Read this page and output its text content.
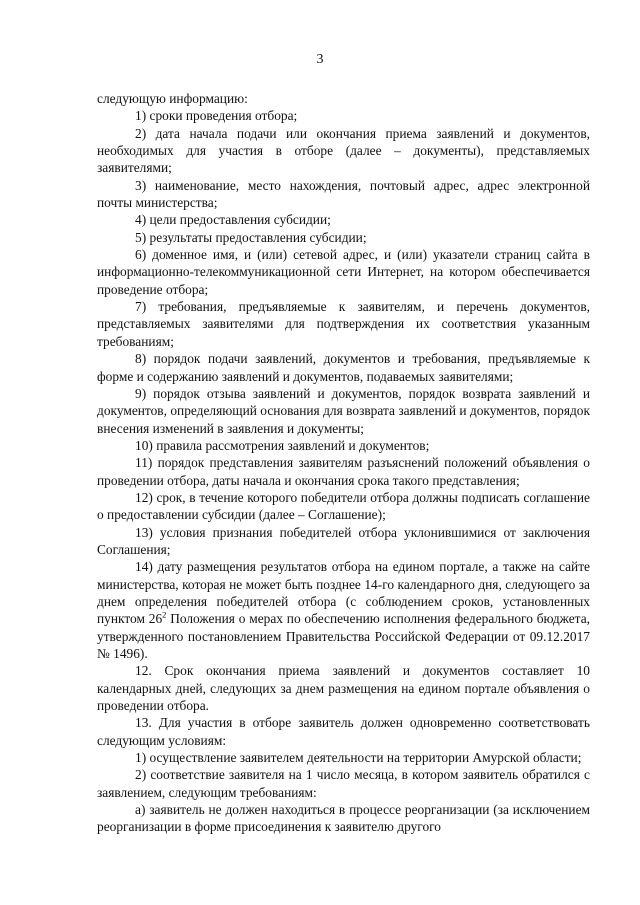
3

следующую информацию:

1) сроки проведения отбора;

2) дата начала подачи или окончания приема заявлений и документов, необходимых для участия в отборе (далее – документы), представляемых заявителями;

3) наименование, место нахождения, почтовый адрес, адрес электронной почты министерства;

4) цели предоставления субсидии;

5) результаты предоставления субсидии;

6) доменное имя, и (или) сетевой адрес, и (или) указатели страниц сайта в информационно-телекоммуникационной сети Интернет, на котором обеспечивается проведение отбора;

7) требования, предъявляемые к заявителям, и перечень документов, представляемых заявителями для подтверждения их соответствия указанным требованиям;

8) порядок подачи заявлений, документов и требования, предъявляемые к форме и содержанию заявлений и документов, подаваемых заявителями;

9) порядок отзыва заявлений и документов, порядок возврата заявлений и документов, определяющий основания для возврата заявлений и документов, порядок внесения изменений в заявления и документы;

10) правила рассмотрения заявлений и документов;

11) порядок представления заявителям разъяснений положений объявления о проведении отбора, даты начала и окончания срока такого представления;

12) срок, в течение которого победители отбора должны подписать соглашение о предоставлении субсидии (далее – Соглашение);

13) условия признания победителей отбора уклонившимися от заключения Соглашения;

14) дату размещения результатов отбора на едином портале, а также на сайте министерства, которая не может быть позднее 14-го календарного дня, следующего за днем определения победителей отбора (с соблюдением сроков, установленных пунктом $26^2$ Положения о мерах по обеспечению исполнения федерального бюджета, утвержденного постановлением Правительства Российской Федерации от 09.12.2017 № 1496).

12. Срок окончания приема заявлений и документов составляет 10 календарных дней, следующих за днем размещения на едином портале объявления о проведении отбора.

13. Для участия в отборе заявитель должен одновременно соответствовать следующим условиям:

1) осуществление заявителем деятельности на территории Амурской области;

2) соответствие заявителя на 1 число месяца, в котором заявитель обратился с заявлением, следующим требованиям:

а) заявитель не должен находиться в процессе реорганизации (за исключением реорганизации в форме присоединения к заявителю другого
